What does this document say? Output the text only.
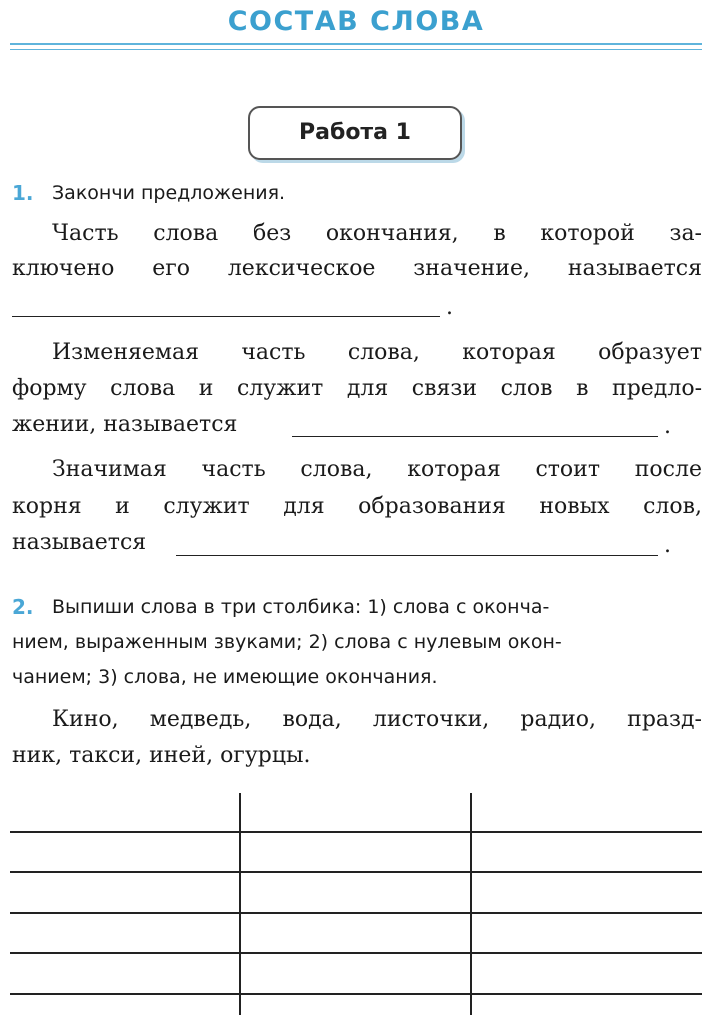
СОСТАВ СЛОВА
Работа 1
1. Закончи предложения.
Часть слова без окончания, в которой за-
ключено его лексическое значение, называется
.
Изменяемая часть слова, которая образует
форму слова и служит для связи слов в предло-
жении, называется	.
Значимая часть слова, которая стоит после
корня и служит для образования новых слов,
называется	.
2. Выпиши слова в три столбика: 1) слова с оконча-
нием, выраженным звуками; 2) слова с нулевым окон-
чанием; 3) слова, не имеющие окончания.
Кино, медведь, вода, листочки, радио, празд-
ник, такси, иней, огурцы.
